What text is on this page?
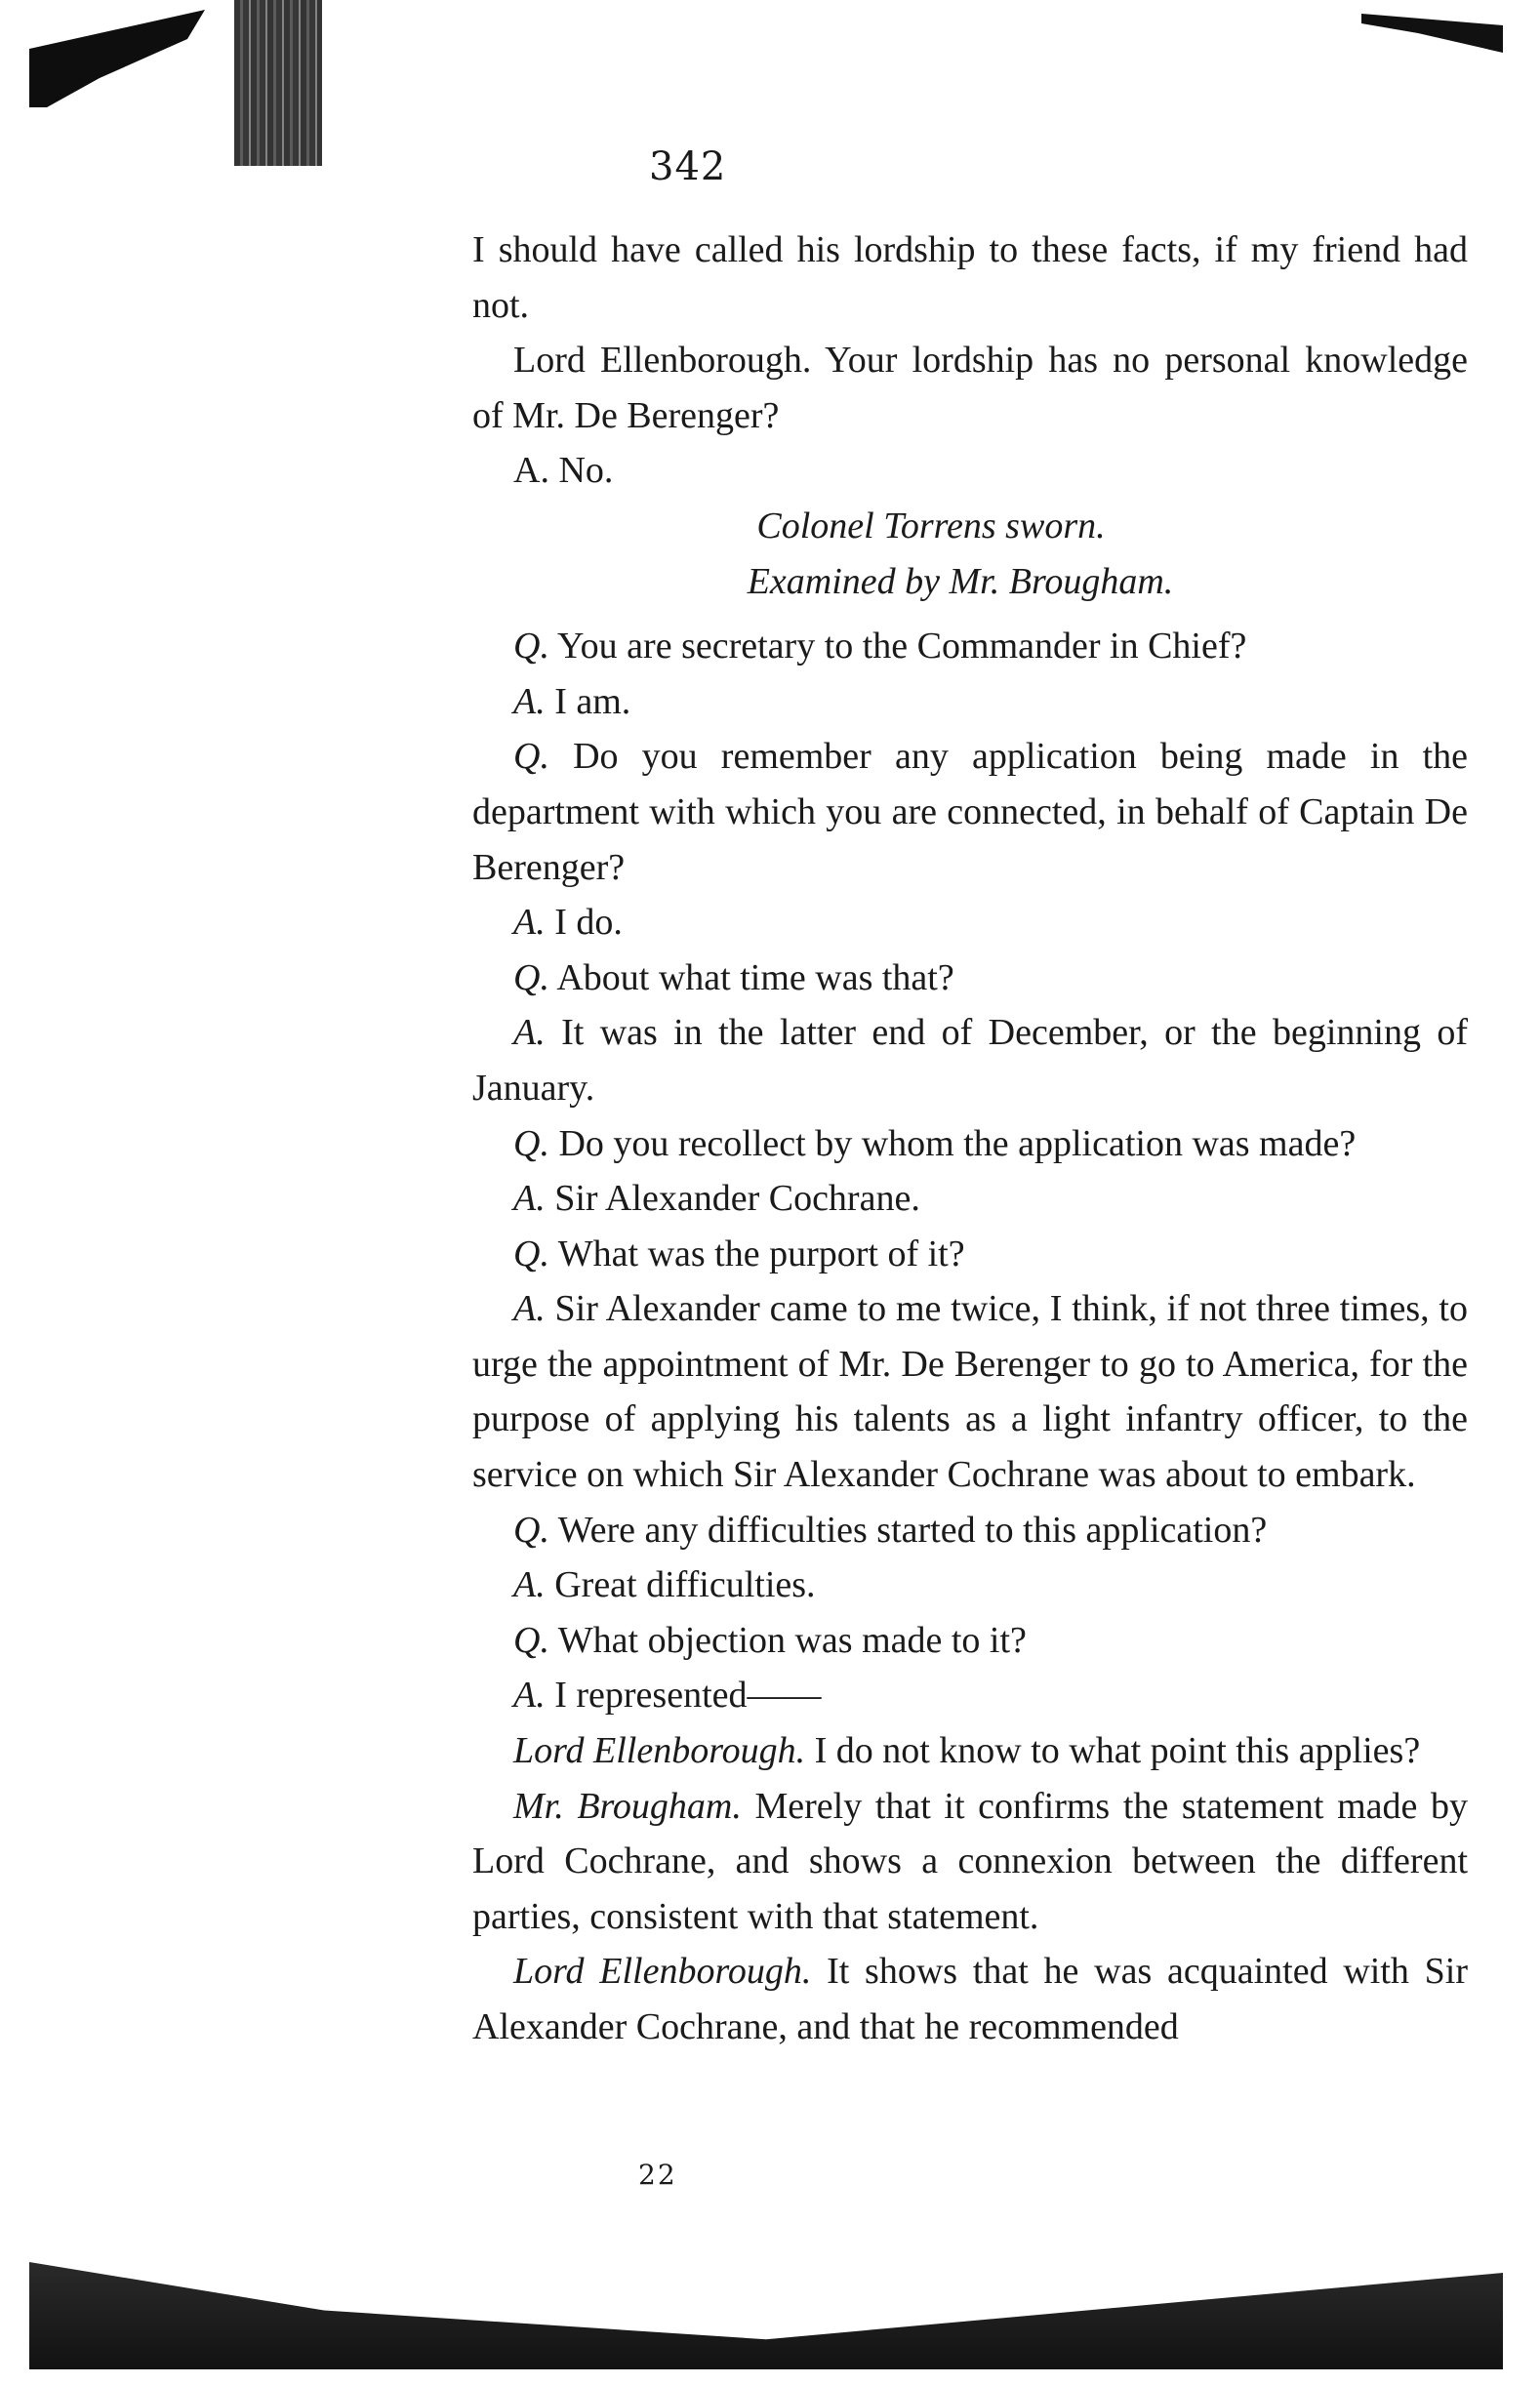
342

I should have called his lordship to these facts, if my friend had not.

Lord Ellenborough. Your lordship has no personal knowledge of Mr. De Berenger?

A. No.

Colonel Torrens sworn.

Examined by Mr. Brougham.

Q. You are secretary to the Commander in Chief?

A. I am.

Q. Do you remember any application being made in the department with which you are connected, in behalf of Captain De Berenger?

A. I do.

Q. About what time was that?

A. It was in the latter end of December, or the beginning of January.

Q. Do you recollect by whom the application was made?

A. Sir Alexander Cochrane.

Q. What was the purport of it?

A. Sir Alexander came to me twice, I think, if not three times, to urge the appointment of Mr. De Berenger to go to America, for the purpose of applying his talents as a light infantry officer, to the service on which Sir Alexander Cochrane was about to embark.

Q. Were any difficulties started to this application?

A. Great difficulties.

Q. What objection was made to it?

A. I represented——

Lord Ellenborough. I do not know to what point this applies?

Mr. Brougham. Merely that it confirms the statement made by Lord Cochrane, and shows a connexion between the different parties, consistent with that statement.

Lord Ellenborough. It shows that he was acquainted with Sir Alexander Cochrane, and that he recommended

22
